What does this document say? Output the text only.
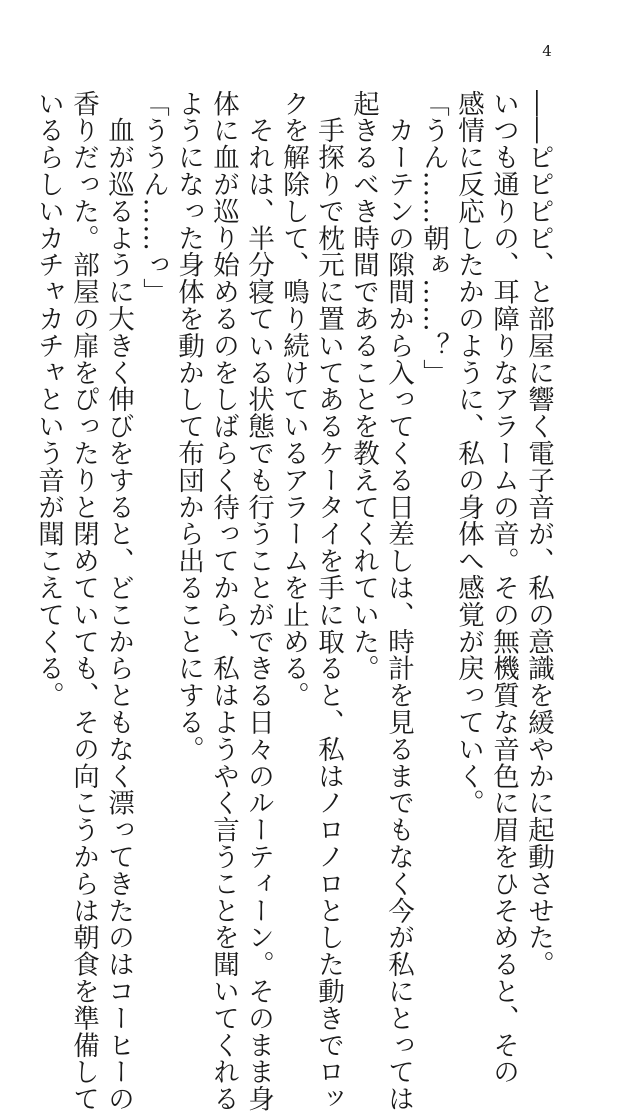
4

――ピピピピ、と部屋に響く電子音が、私の意識を緩やかに起動させた。

いつも通りの、耳障りなアラームの音。その無機質な音色に眉をひそめると、その

感情に反応したかのように、私の身体へ感覚が戻っていく。

「うん……朝ぁ……？」

　カーテンの隙間から入ってくる日差しは、時計を見るまでもなく今が私にとっては

起きるべき時間であることを教えてくれていた。

　手探りで枕元に置いてあるケータイを手に取ると、私はノロノロとした動きでロッ

クを解除して、鳴り続けているアラームを止める。

　それは、半分寝ている状態でも行うことができる日々のルーティーン。そのまま身

体に血が巡り始めるのをしばらく待ってから、私はようやく言うことを聞いてくれる

ようになった身体を動かして布団から出ることにする。

「ううん……っ」

　血が巡るように大きく伸びをすると、どこからともなく漂ってきたのはコーヒーの

香りだった。部屋の扉をぴったりと閉めていても、その向こうからは朝食を準備して

いるらしいカチャカチャという音が聞こえてくる。
